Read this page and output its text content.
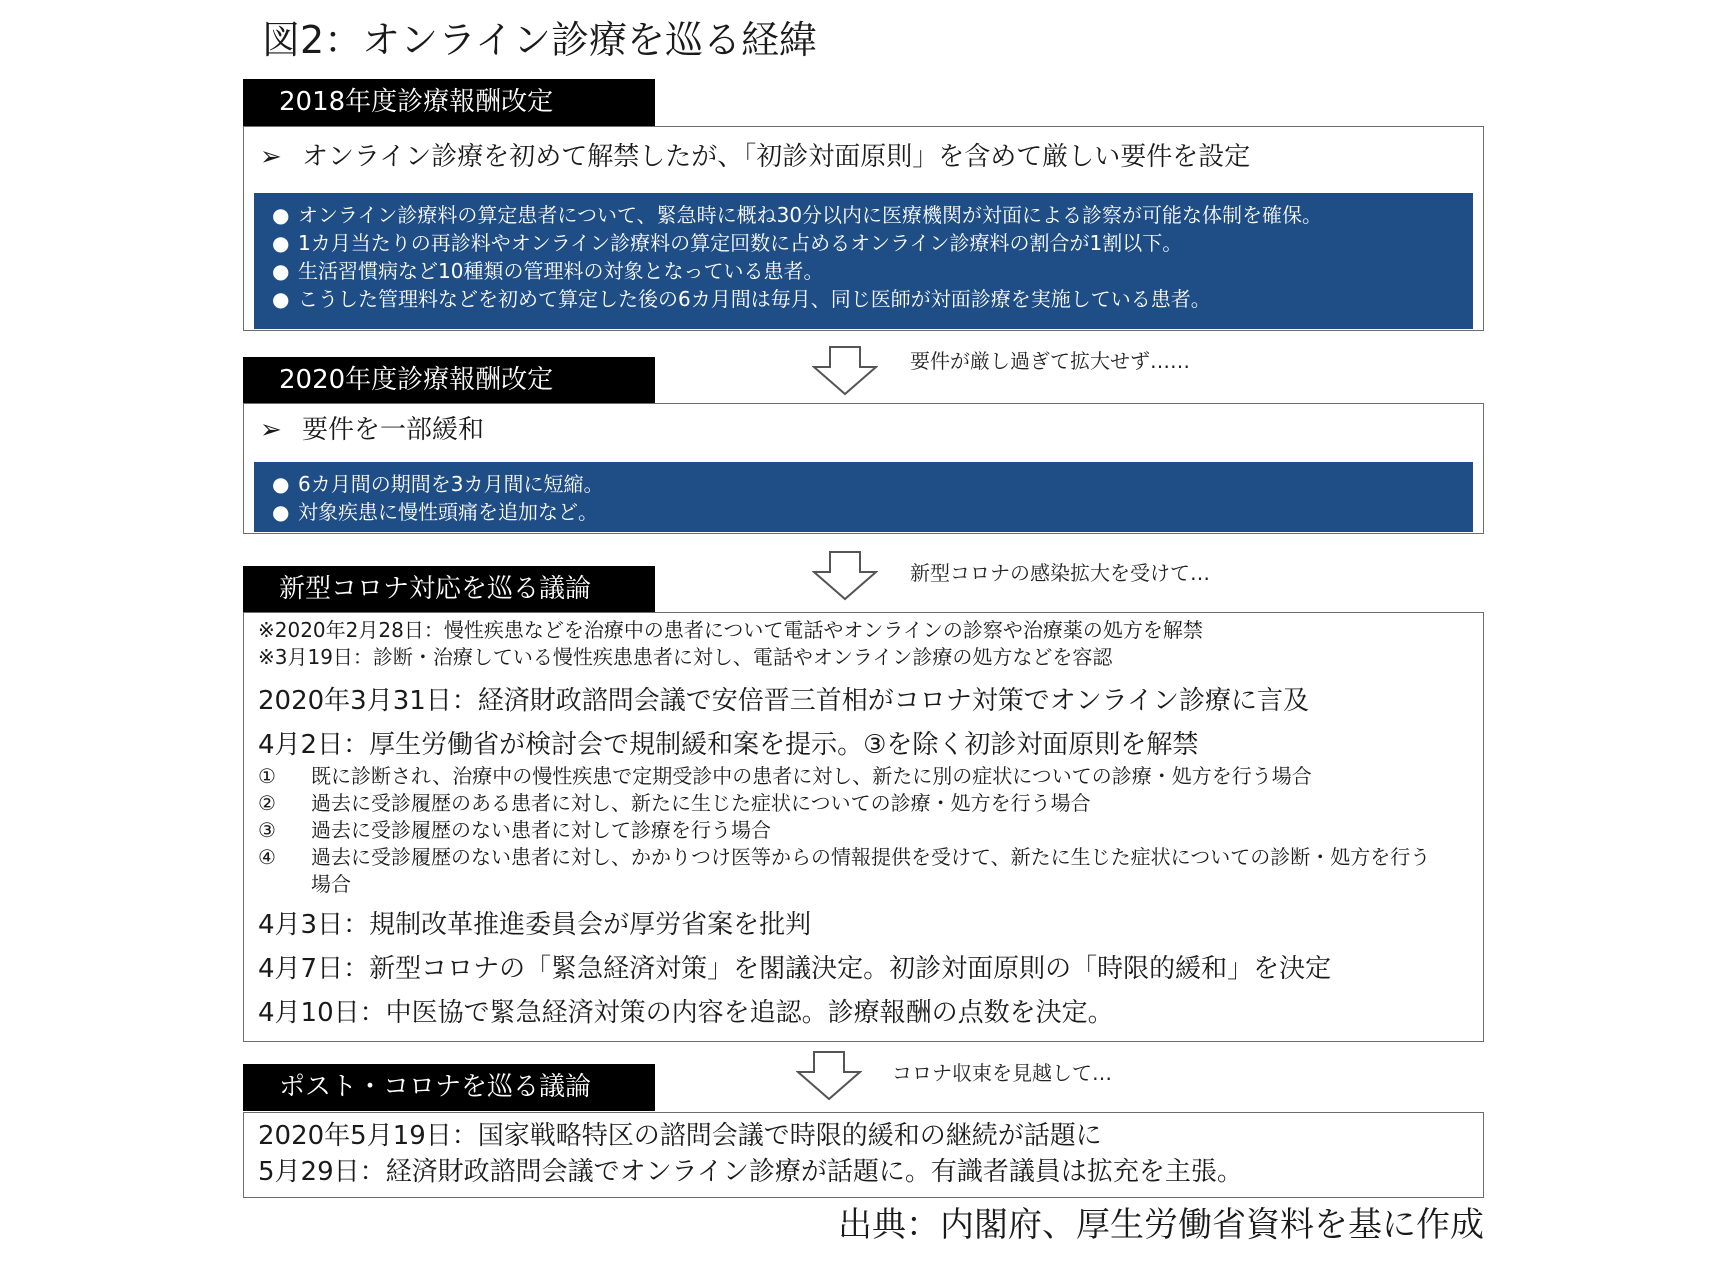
図2：オンライン診療を巡る経緯
2018年度診療報酬改定
➢ オンライン診療を初めて解禁したが、「初診対面原則」を含めて厳しい要件を設定
● オンライン診療料の算定患者について、緊急時に概ね30分以内に医療機関が対面による診察が可能な体制を確保。
● 1カ月当たりの再診料やオンライン診療料の算定回数に占めるオンライン診療料の割合が1割以下。
● 生活習慣病など10種類の管理料の対象となっている患者。
● こうした管理料などを初めて算定した後の6カ月間は毎月、同じ医師が対面診療を実施している患者。
要件が厳し過ぎて拡大せず……
2020年度診療報酬改定
➢ 要件を一部緩和
● 6カ月間の期間を3カ月間に短縮。
● 対象疾患に慢性頭痛を追加など。
新型コロナの感染拡大を受けて…
新型コロナ対応を巡る議論
※2020年2月28日：慢性疾患などを治療中の患者について電話やオンラインの診察や治療薬の処方を解禁
※3月19日：診断・治療している慢性疾患患者に対し、電話やオンライン診療の処方などを容認
2020年3月31日：経済財政諮問会議で安倍晋三首相がコロナ対策でオンライン診療に言及
4月2日：厚生労働省が検討会で規制緩和案を提示。③を除く初診対面原則を解禁
① 既に診断され、治療中の慢性疾患で定期受診中の患者に対し、新たに別の症状についての診療・処方を行う場合
② 過去に受診履歴のある患者に対し、新たに生じた症状についての診療・処方を行う場合
③ 過去に受診履歴のない患者に対して診療を行う場合
④	過去に受診履歴のない患者に対し、かかりつけ医等からの情報提供を受けて、新たに生じた症状についての診断・処方を行う場合
4月3日：規制改革推進委員会が厚労省案を批判
4月7日：新型コロナの「緊急経済対策」を閣議決定。初診対面原則の「時限的緩和」を決定
4月10日：中医協で緊急経済対策の内容を追認。診療報酬の点数を決定。
コロナ収束を見越して…
ポスト・コロナを巡る議論
2020年5月19日：国家戦略特区の諮問会議で時限的緩和の継続が話題に
5月29日：経済財政諮問会議でオンライン診療が話題に。有識者議員は拡充を主張。
出典：内閣府、厚生労働省資料を基に作成
